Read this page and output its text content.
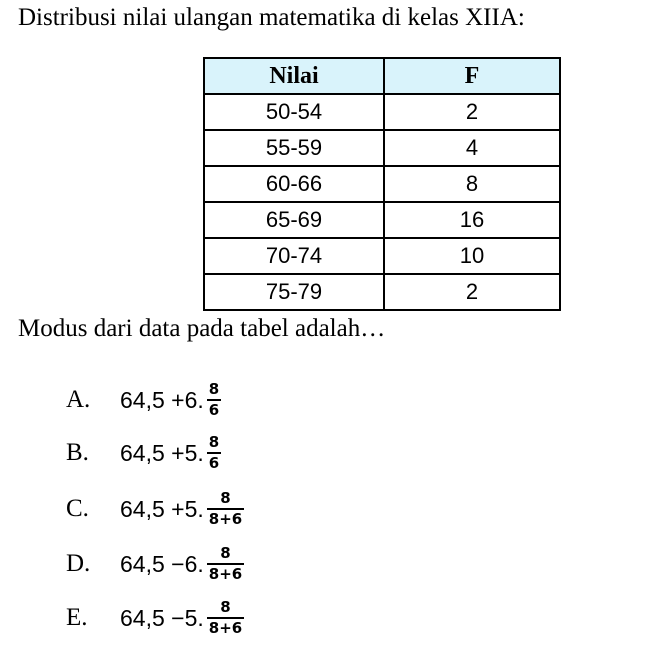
Distribusi nilai ulangan matematika di kelas XIIA:
Nilai	F
50-54	2
55-59	4
60-66	8
65-69	16
70-74	10
75-79	2
Modus dari data pada tabel adalah…
A.	64,5 +6. $\frac{8}{6}$
B.	64,5 +5. $\frac{8}{6}$
C.	64,5 +5. $\frac{8}{8+6}$
D.	64,5 −6. $\frac{8}{8+6}$
E.	64,5 −5. $\frac{8}{8+6}$
